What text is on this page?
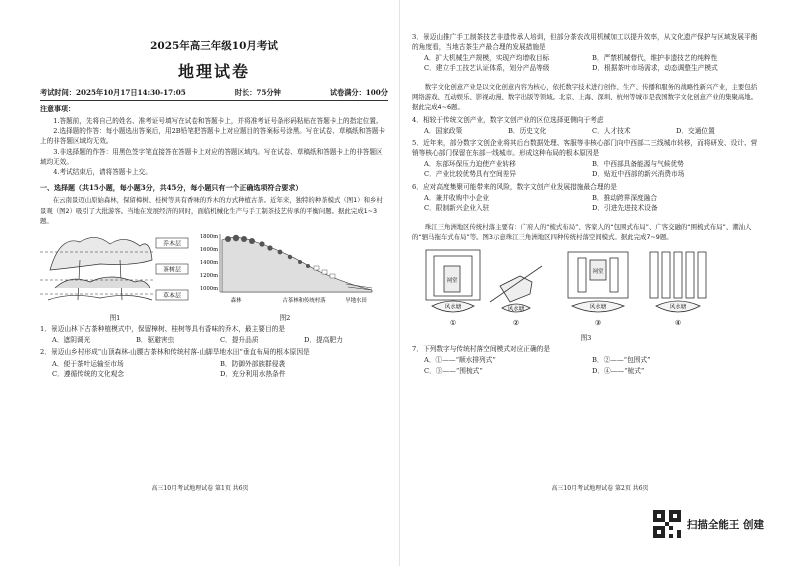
2025年高三年级10月考试
地理试卷
考试时间：2025年10月17日14:30-17:05	时长：75分钟	试卷满分：100分
注意事项：

1.答题前，先将自己的姓名、准考证号填写在试卷和答题卡上，并将准考证号条形码粘贴在答题卡上的指定位置。

2.选择题的作答：每小题选出答案后，用2B铅笔把答题卡上对应题目的答案标号涂黑。写在试卷、草稿纸和答题卡上的非答题区域均无效。

3.非选择题的作答：用黑色签字笔直接答在答题卡上对应的答题区域内。写在试卷、草稿纸和答题卡上的非答题区域均无效。

4.考试结束后，请将答题卡上交。

一、选择题（共15小题，每小题3分，共45分，每小题只有一个正确选项符合要求）

在云南景迈山原始森林，保留樟树、桂树等具有香味的乔木的方式种植古茶。近年来，独特的种茶模式（图1）和乡村景观（图2）吸引了大批游客。当地在发展经济的同时，面临机械化生产与手工制茶技艺传承的平衡问题。据此完成1~3题。

乔木层
茶树层
草本层
图1
1800m
1600m
1400m
1200m
1000m
森林	古茶林和传统村落	旱地水田
图2
1．景迈山林下古茶种植模式中，保留樟树、桂树等具有香味的乔木，最主要目的是
A．遮阴调光	B．驱避害虫	C．提升品质	D．提高肥力
2．景迈山乡村形成“山顶森林-山腰古茶林和传统村落-山脚旱地水田”垂直布局的根本原因是
A．便于茶叶运输至市场	B．防御外部族群侵袭
C．遵循传统的文化观念	D．充分利用水热条件
高三10月考试地理试卷 第1页 共6页
3．景迈山推广手工制茶技艺非遗传承人培训，但部分茶农改用机械加工以提升效率，从文化遗产保护与区域发展平衡的角度看，当地古茶生产最合理的发展措施是
A．扩大机械生产规模，实现产均增收目标	B．严禁机械替代，维护非遗技艺的纯粹性
C．建立手工技艺认证体系，划分产品等级	D．根据茶叶市场需求，动态调整生产模式

数字文化创意产业是以文化创意内容为核心，依托数字技术进行创作、生产、传播和服务的战略性新兴产业，主要包括网络游戏、互动娱乐、影视动漫、数字出版等领域。北京、上海、深圳、杭州等城市是我国数字文化创意产业的集聚高地。据此完成4~6题。

4．相较于传统文创产业，数字文创产业的区位选择更侧向于考虑
A．国家政策	B．历史文化	C．人才技术	D．交通位置
5．近年来，部分数字文创企业将其后台数据处理、客服等非核心部门向中西部二三线城市转移，而将研发、设计、营销等核心部门保留在东部一线城市。形成这种布局的根本原因是
A．东部环保压力迫使产业转移	B．中西部具备能源与气候优势
C．产业比较优势具有空间差异	D．贴近中西部的新兴消费市场
6．应对高度集聚可能带来的风险，数字文创产业发展措施最合理的是
A．兼并收购中小企业	B．推动跨界深度融合
C．限制新兴企业入驻	D．引进先进技术设备

珠江三角洲地区传统村落主要有：广府人的“梳式布局”、客家人的“包围式布局”、广客交融的“围梳式布局”、潮汕人的“驷马拖车式布局”等。图3示意珠江三角洲地区四种传统村落空间模式。据此完成7~9题。

祠堂
祠堂
风水塘	风水塘	风水塘	风水塘
①	②	③	④
图3
7．下列数字与传统村落空间模式对应正确的是
A．①——“顺水排列式”	B．②——“包围式”
C．③——“围梳式”	D．④——“梳式”
高三10月考试地理试卷 第2页 共6页
扫描全能王 创建
